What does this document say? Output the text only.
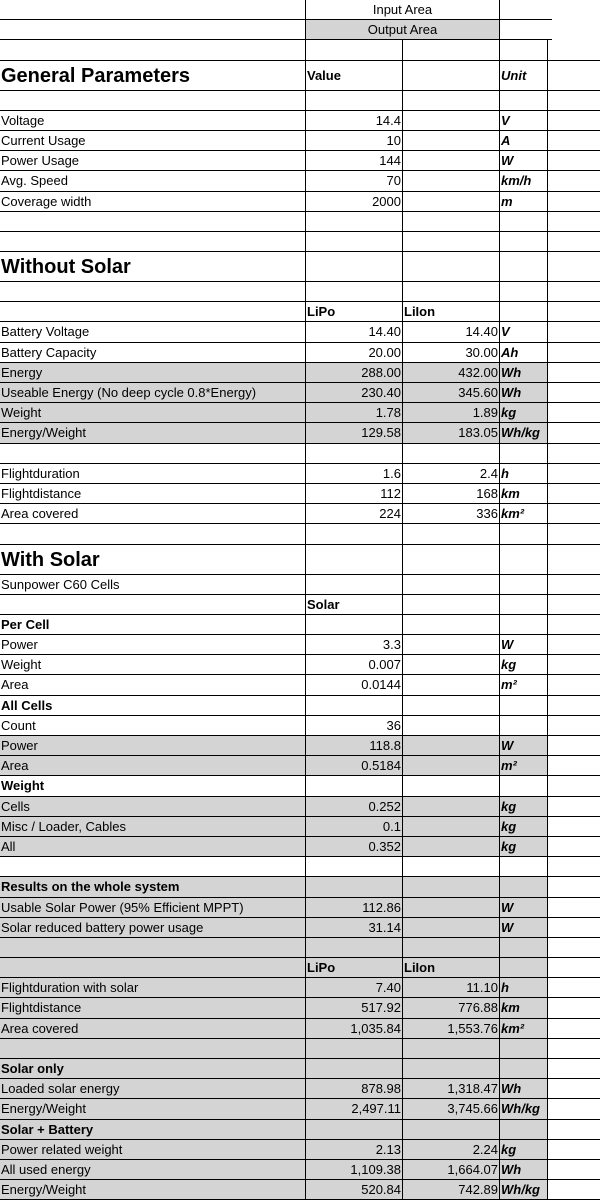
Input Area
Output Area
General Parameters	Value	Unit
Voltage	14.4	V
Current Usage	10	A
Power Usage	144	W
Avg. Speed	70	km/h
Coverage width	2000	m
Without Solar
LiPo	LiIon
Battery Voltage	14.40	14.40 V
Battery Capacity	20.00	30.00 Ah
Energy	288.00	432.00 Wh
Useable Energy (No deep cycle 0.8*Energy)	230.40	345.60 Wh
Weight	1.78	1.89 kg
Energy/Weight	129.58	183.05 Wh/kg
Flightduration	1.6	2.4 h
Flightdistance	112	168 km
Area covered	224	336 km²
With Solar
Sunpower C60 Cells
Solar
Per Cell
Power	3.3	W
Weight	0.007	kg
Area	0.0144	m²
All Cells
Count	36
Power	118.8	W
Area	0.5184	m²
Weight
Cells	0.252	kg
Misc / Loader, Cables	0.1	kg
All	0.352	kg
Results on the whole system
Usable Solar Power (95% Efficient MPPT)	112.86	W
Solar reduced battery power usage	31.14	W
LiPo	LiIon
Flightduration with solar	7.40	11.10 h
Flightdistance	517.92	776.88 km
Area covered	1,035.84	1,553.76 km²
Solar only
Loaded solar energy	878.98	1,318.47 Wh
Energy/Weight	2,497.11	3,745.66 Wh/kg
Solar + Battery
Power related weight	2.13	2.24 kg
All used energy	1,109.38	1,664.07 Wh
Energy/Weight	520.84	742.89 Wh/kg
